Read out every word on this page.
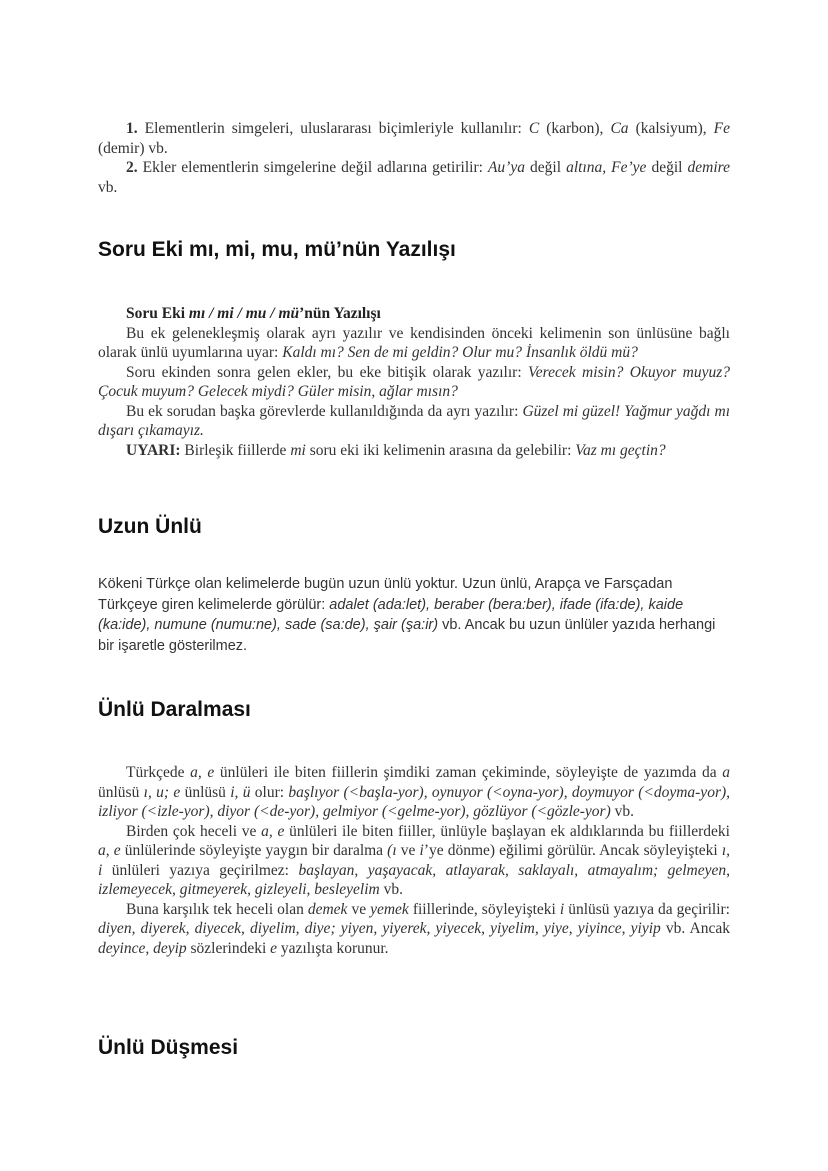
1. Elementlerin simgeleri, uluslararası biçimleriyle kullanılır: C (karbon), Ca (kalsiyum), Fe (demir) vb.

2. Ekler elementlerin simgelerine değil adlarına getirilir: Au’ya değil altına, Fe’ye değil demire vb.

Soru Eki mı, mi, mu, mü’nün Yazılışı

Soru Eki mı / mi / mu / mü’nün Yazılışı

Bu ek gelenekleşmiş olarak ayrı yazılır ve kendisinden önceki kelimenin son ünlüsüne bağlı olarak ünlü uyumlarına uyar: Kaldı mı? Sen de mi geldin? Olur mu? İnsanlık öldü mü?

Soru ekinden sonra gelen ekler, bu eke bitişik olarak yazılır: Verecek misin? Okuyor muyuz? Çocuk muyum? Gelecek miydi? Güler misin, ağlar mısın?

Bu ek sorudan başka görevlerde kullanıldığında da ayrı yazılır: Güzel mi güzel! Yağmur yağdı mı dışarı çıkamayız.

UYARI: Birleşik fiillerde mi soru eki iki kelimenin arasına da gelebilir: Vaz mı geçtin?

Uzun Ünlü

Kökeni Türkçe olan kelimelerde bugün uzun ünlü yoktur. Uzun ünlü, Arapça ve Farsçadan Türkçeye giren kelimelerde görülür: adalet (ada:let), beraber (bera:ber), ifade (ifa:de), kaide (ka:ide), numune (numu:ne), sade (sa:de), şair (şa:ir) vb. Ancak bu uzun ünlüler yazıda herhangi bir işaretle gösterilmez.

Ünlü Daralması

Türkçede a, e ünlüleri ile biten fiillerin şimdiki zaman çekiminde, söyleyişte de yazımda da a ünlüsü ı, u; e ünlüsü i, ü olur: başlıyor (<başla-yor), oynuyor (<oyna-yor), doymuyor (<doyma-yor), izliyor (<izle-yor), diyor (<de-yor), gelmiyor (<gelme-yor), gözlüyor (<gözle-yor) vb.

Birden çok heceli ve a, e ünlüleri ile biten fiiller, ünlüyle başlayan ek aldıklarında bu fiillerdeki a, e ünlülerinde söyleyişte yaygın bir daralma (ı ve i’ye dönme) eğilimi görülür. Ancak söyleyişteki ı, i ünlüleri yazıya geçirilmez: başlayan, yaşayacak, atlayarak, saklayalı, atmayalım; gelmeyen, izlemeyecek, gitmeyerek, gizleyeli, besleyelim vb.

Buna karşılık tek heceli olan demek ve yemek fiillerinde, söyleyişteki i ünlüsü yazıya da geçirilir: diyen, diyerek, diyecek, diyelim, diye; yiyen, yiyerek, yiyecek, yiyelim, yiye, yiyince, yiyip vb. Ancak deyince, deyip sözlerindeki e yazılışta korunur.

Ünlü Düşmesi
